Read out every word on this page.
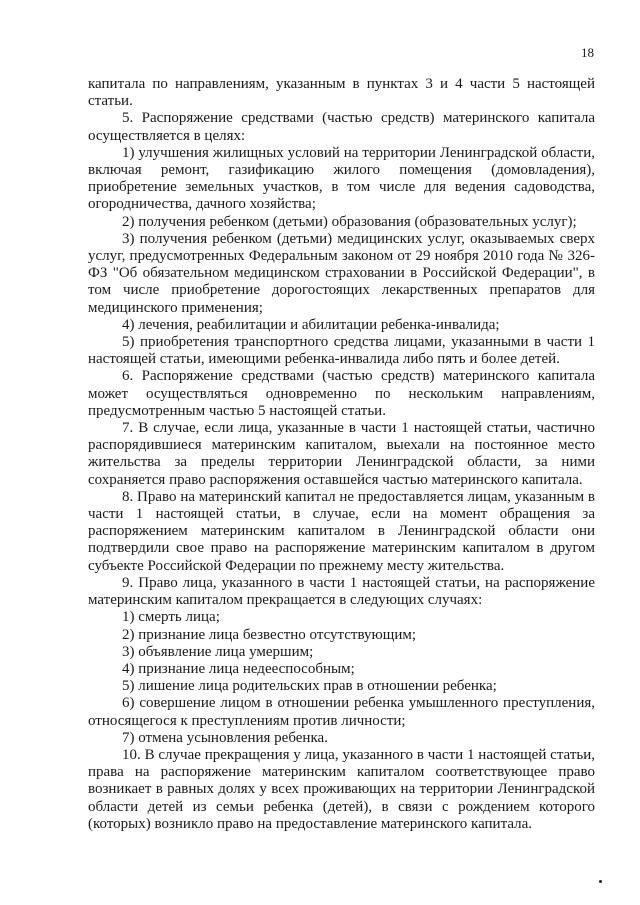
18

капитала по направлениям, указанным в пунктах 3 и 4 части 5 настоящей статьи.

5. Распоряжение средствами (частью средств) материнского капитала осуществляется в целях:

1) улучшения жилищных условий на территории Ленинградской области, включая ремонт, газификацию жилого помещения (домовладения), приобретение земельных участков, в том числе для ведения садоводства, огородничества, дачного хозяйства;

2) получения ребенком (детьми) образования (образовательных услуг);

3) получения ребенком (детьми) медицинских услуг, оказываемых сверх услуг, предусмотренных Федеральным законом от 29 ноября 2010 года № 326-ФЗ "Об обязательном медицинском страховании в Российской Федерации", в том числе приобретение дорогостоящих лекарственных препаратов для медицинского применения;

4) лечения, реабилитации и абилитации ребенка-инвалида;

5) приобретения транспортного средства лицами, указанными в части 1 настоящей статьи, имеющими ребенка-инвалида либо пять и более детей.

6. Распоряжение средствами (частью средств) материнского капитала может осуществляться одновременно по нескольким направлениям, предусмотренным частью 5 настоящей статьи.

7. В случае, если лица, указанные в части 1 настоящей статьи, частично распорядившиеся материнским капиталом, выехали на постоянное место жительства за пределы территории Ленинградской области, за ними сохраняется право распоряжения оставшейся частью материнского капитала.

8. Право на материнский капитал не предоставляется лицам, указанным в части 1 настоящей статьи, в случае, если на момент обращения за распоряжением материнским капиталом в Ленинградской области они подтвердили свое право на распоряжение материнским капиталом в другом субъекте Российской Федерации по прежнему месту жительства.

9. Право лица, указанного в части 1 настоящей статьи, на распоряжение материнским капиталом прекращается в следующих случаях:

1) смерть лица;

2) признание лица безвестно отсутствующим;

3) объявление лица умершим;

4) признание лица недееспособным;

5) лишение лица родительских прав в отношении ребенка;

6) совершение лицом в отношении ребенка умышленного преступления, относящегося к преступлениям против личности;

7) отмена усыновления ребенка.

10. В случае прекращения у лица, указанного в части 1 настоящей статьи, права на распоряжение материнским капиталом соответствующее право возникает в равных долях у всех проживающих на территории Ленинградской области детей из семьи ребенка (детей), в связи с рождением которого (которых) возникло право на предоставление материнского капитала.
